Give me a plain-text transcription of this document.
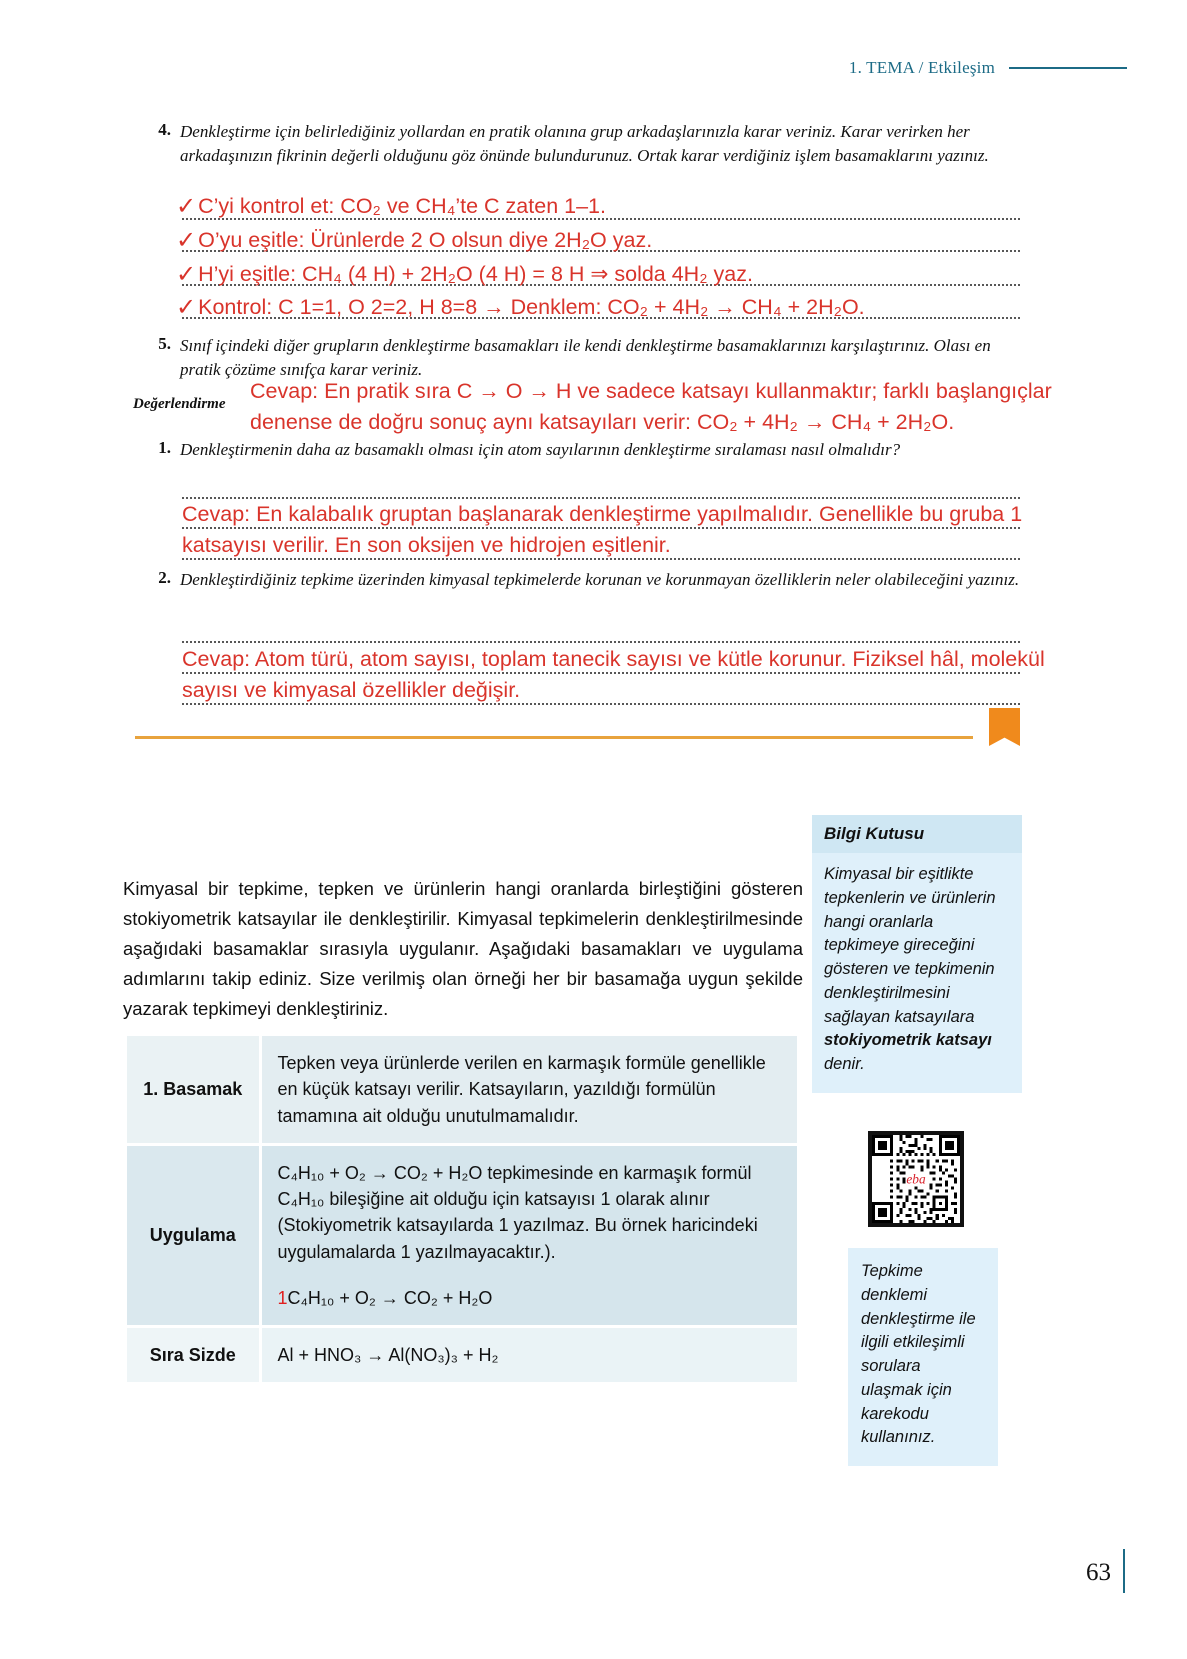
1. TEMA / Etkileşim
4. Denkleştirme için belirlediğiniz yollardan en pratik olanına grup arkadaşlarınızla karar veriniz. Karar verirken her arkadaşınızın fikrinin değerli olduğunu göz önünde bulundurunuz. Ortak karar verdiğiniz işlem basamaklarını yazınız.
✓C’yi kontrol et: CO₂ ve CH₄’te C zaten 1–1.
✓O’yu eşitle: Ürünlerde 2 O olsun diye 2H₂O yaz.
✓H’yi eşitle: CH₄ (4 H) + 2H₂O (4 H) = 8 H ⇒ solda 4H₂ yaz.
✓Kontrol: C 1=1, O 2=2, H 8=8 → Denklem: CO₂ + 4H₂ → CH₄ + 2H₂O.
5. Sınıf içindeki diğer grupların denkleştirme basamakları ile kendi denkleştirme basamaklarınızı karşılaştırınız. Olası en pratik çözüme sınıfça karar veriniz.
Değerlendirme
Cevap: En pratik sıra C → O → H ve sadece katsayı kullanmaktır; farklı başlangıçlar
denense de doğru sonuç aynı katsayıları verir: CO₂ + 4H₂ → CH₄ + 2H₂O.
1. Denkleştirmenin daha az basamaklı olması için atom sayılarının denkleştirme sıralaması nasıl olmalıdır?
Cevap: En kalabalık gruptan başlanarak denkleştirme yapılmalıdır. Genellikle bu gruba 1
katsayısı verilir. En son oksijen ve hidrojen eşitlenir.
2. Denkleştirdiğiniz tepkime üzerinden kimyasal tepkimelerde korunan ve korunmayan özelliklerin neler olabileceğini yazınız.
Cevap: Atom türü, atom sayısı, toplam tanecik sayısı ve kütle korunur. Fiziksel hâl, molekül
sayısı ve kimyasal özellikler değişir.
Kimyasal bir tepkime, tepken ve ürünlerin hangi oranlarda birleştiğini gösteren stokiyometrik katsayılar ile denkleştirilir. Kimyasal tepkimelerin denkleştirilmesinde aşağıdaki basamaklar sırasıyla uygulanır. Aşağıdaki basamakları ve uygulama adımlarını takip ediniz. Size verilmiş olan örneği her bir basamağa uygun şekilde yazarak tepkimeyi denkleştiriniz.
1. Basamak	Tepken veya ürünlerde verilen en karmaşık formüle genellikle en küçük katsayı verilir. Katsayıların, yazıldığı formülün tamamına ait olduğu unutulmamalıdır.
Uygulama	C₄H₁₀ + O₂ → CO₂ + H₂O tepkimesinde en karmaşık formül C₄H₁₀ bileşiğine ait olduğu için katsayısı 1 olarak alınır (Stokiyometrik katsayılarda 1 yazılmaz. Bu örnek haricindeki uygulamalarda 1 yazılmayacaktır.).
1C₄H₁₀ + O₂ → CO₂ + H₂O

Sıra Sizde	Al + HNO₃ → Al(NO₃)₃ + H₂
Bilgi Kutusu
Kimyasal bir eşitlikte tepkenlerin ve ürünlerin hangi oranlarla tepkimeye gireceğini gösteren ve tepkimenin denkleştirilmesini sağlayan katsayılara stokiyometrik katsayı denir.
eba
Tepkime denklemi denkleştirme ile ilgili etkileşimli sorulara ulaşmak için karekodu kullanınız.
63
